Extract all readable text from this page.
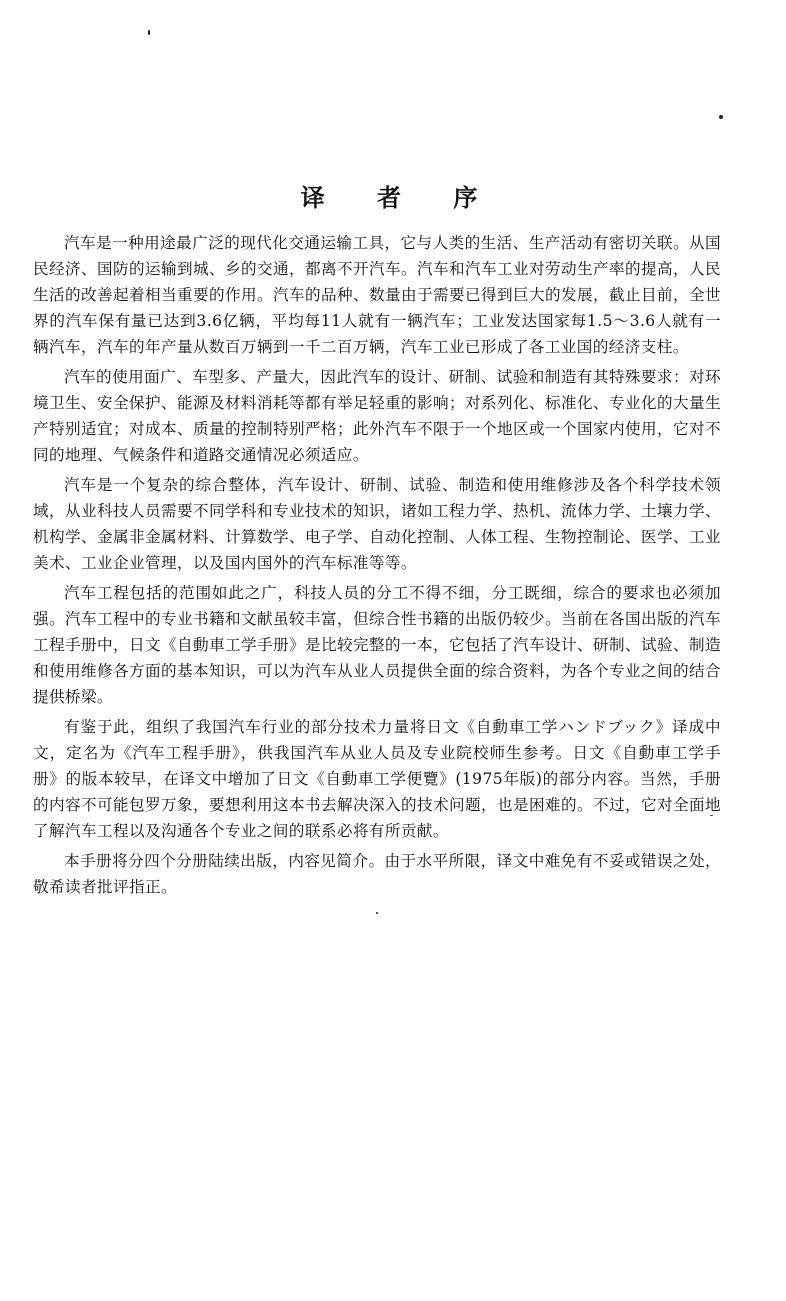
译 者 序

汽车是一种用途最广泛的现代化交通运输工具，它与人类的生活、生产活动有密切关联。从国民经济、国防的运输到城、乡的交通，都离不开汽车。汽车和汽车工业对劳动生产率的提高，人民生活的改善起着相当重要的作用。汽车的品种、数量由于需要已得到巨大的发展，截止目前，全世界的汽车保有量已达到3.6亿辆，平均每11人就有一辆汽车；工业发达国家每1.5～3.6人就有一辆汽车，汽车的年产量从数百万辆到一千二百万辆，汽车工业已形成了各工业国的经济支柱。

汽车的使用面广、车型多、产量大，因此汽车的设计、研制、试验和制造有其特殊要求：对环境卫生、安全保护、能源及材料消耗等都有举足轻重的影响；对系列化、标准化、专业化的大量生产特别适宜；对成本、质量的控制特别严格；此外汽车不限于一个地区或一个国家内使用，它对不同的地理、气候条件和道路交通情况必须适应。

汽车是一个复杂的综合整体，汽车设计、研制、试验、制造和使用维修涉及各个科学技术领域，从业科技人员需要不同学科和专业技术的知识，诸如工程力学、热机、流体力学、土壤力学、机构学、金属非金属材料、计算数学、电子学、自动化控制、人体工程、生物控制论、医学、工业美术、工业企业管理，以及国内国外的汽车标准等等。

汽车工程包括的范围如此之广，科技人员的分工不得不细，分工既细，综合的要求也必须加强。汽车工程中的专业书籍和文献虽较丰富，但综合性书籍的出版仍较少。当前在各国出版的汽车工程手册中，日文《自動車工学手册》是比较完整的一本，它包括了汽车设计、研制、试验、制造和使用维修各方面的基本知识，可以为汽车从业人员提供全面的综合资料，为各个专业之间的结合提供桥梁。

有鉴于此，组织了我国汽车行业的部分技术力量将日文《自動車工学ハンドブック》译成中文，定名为《汽车工程手册》，供我国汽车从业人员及专业院校师生参考。日文《自動車工学手册》的版本较早，在译文中增加了日文《自動車工学便覽》(1975年版)的部分内容。当然，手册的内容不可能包罗万象，要想利用这本书去解决深入的技术问题，也是困难的。不过，它对全面地了解汽车工程以及沟通各个专业之间的联系必将有所贡献。

本手册将分四个分册陆续出版，内容见简介。由于水平所限，译文中难免有不妥或错误之处，敬希读者批评指正。
